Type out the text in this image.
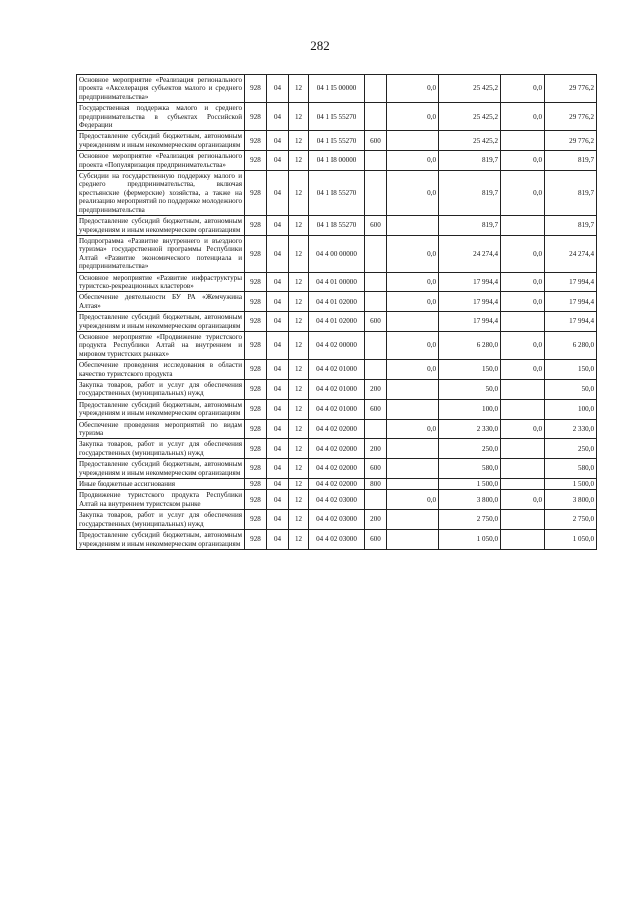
282
Основное мероприятие «Реализация регионального проекта «Акселерация субъектов малого и среднего предпринимательства»	928	04	12	04 1 I5 00000		0,0	25 425,2	0,0	29 776,2
Государственная поддержка малого и среднего предпринимательства в субъектах Российской Федерации	928	04	12	04 1 I5 55270		0,0	25 425,2	0,0	29 776,2
Предоставление субсидий бюджетным, автономным учреждениям и иным некоммерческим организациям	928	04	12	04 1 I5 55270	600		25 425,2		29 776,2
Основное мероприятие «Реализация регионального проекта «Популяризация предпринимательства»	928	04	12	04 1 I8 00000		0,0	819,7	0,0	819,7
Субсидии на государственную поддержку малого и среднего предпринимательства, включая крестьянские (фермерские) хозяйства, а также на реализацию мероприятий по поддержке молодежного предпринимательства	928	04	12	04 1 I8 55270		0,0	819,7	0,0	819,7
Предоставление субсидий бюджетным, автономным учреждениям и иным некоммерческим организациям	928	04	12	04 1 I8 55270	600		819,7		819,7
Подпрограмма «Развитие внутреннего и въездного туризма» государственной программы Республики Алтай «Развитие экономического потенциала и предпринимательства»	928	04	12	04 4 00 00000		0,0	24 274,4	0,0	24 274,4
Основное мероприятие «Развитие инфраструктуры туристско-рекреационных кластеров»	928	04	12	04 4 01 00000		0,0	17 994,4	0,0	17 994,4
Обеспечение деятельности БУ РА «Жемчужина Алтая»	928	04	12	04 4 01 02000		0,0	17 994,4	0,0	17 994,4
Предоставление субсидий бюджетным, автономным учреждениям и иным некоммерческим организациям	928	04	12	04 4 01 02000	600		17 994,4		17 994,4
Основное мероприятие «Продвижение туристского продукта Республики Алтай на внутреннем и мировом туристских рынках»	928	04	12	04 4 02 00000		0,0	6 280,0	0,0	6 280,0
Обеспечение проведения исследования в области качество туристского продукта	928	04	12	04 4 02 01000		0,0	150,0	0,0	150,0
Закупка товаров, работ и услуг для обеспечения государственных (муниципальных) нужд	928	04	12	04 4 02 01000	200		50,0		50,0
Предоставление субсидий бюджетным, автономным учреждениям и иным некоммерческим организациям	928	04	12	04 4 02 01000	600		100,0		100,0
Обеспечение проведения мероприятий по видам туризма	928	04	12	04 4 02 02000		0,0	2 330,0	0,0	2 330,0
Закупка товаров, работ и услуг для обеспечения государственных (муниципальных) нужд	928	04	12	04 4 02 02000	200		250,0		250,0
Предоставление субсидий бюджетным, автономным учреждениям и иным некоммерческим организациям	928	04	12	04 4 02 02000	600		580,0		580,0
Иные бюджетные ассигнования	928	04	12	04 4 02 02000	800		1 500,0		1 500,0
Продвижение туристского продукта Республики Алтай на внутреннем туристском рынке	928	04	12	04 4 02 03000		0,0	3 800,0	0,0	3 800,0
Закупка товаров, работ и услуг для обеспечения государственных (муниципальных) нужд	928	04	12	04 4 02 03000	200		2 750,0		2 750,0
Предоставление субсидий бюджетным, автономным учреждениям и иным некоммерческим организациям	928	04	12	04 4 02 03000	600		1 050,0		1 050,0
